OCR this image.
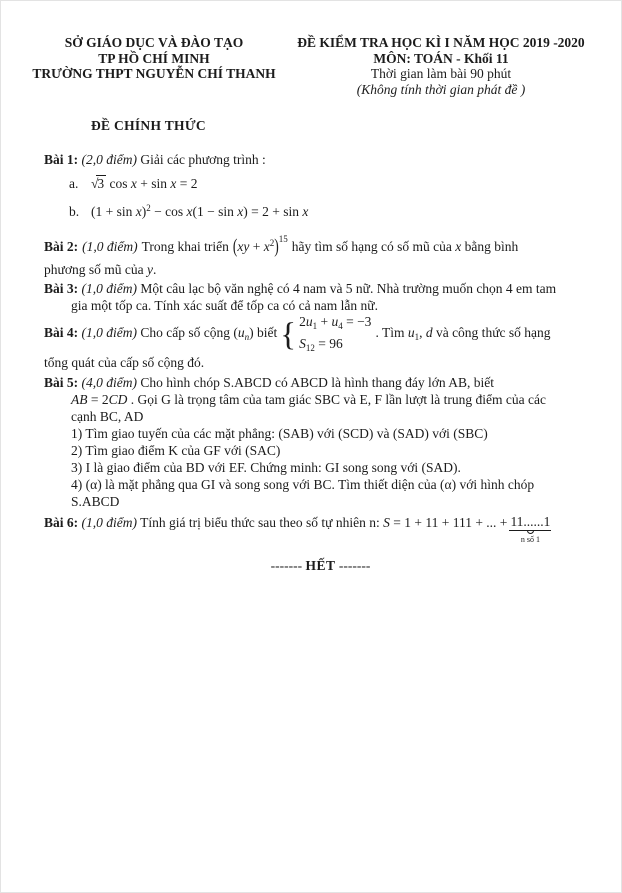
SỞ GIÁO DỤC VÀ ĐÀO TẠO
TP HỒ CHÍ MINH
TRƯỜNG THPT NGUYỄN CHÍ THANH
ĐỀ KIỂM TRA HỌC KÌ I NĂM HỌC 2019 -2020
MÔN: TOÁN - Khối 11
Thời gian làm bài 90 phút
(Không tính thời gian phát đề )
ĐỀ CHÍNH THỨC
Bài 1: (2,0 điểm) Giải các phương trình :
a. √3 cos x + sin x = 2
b. $(1 + \sin x)^2 - \cos x(1 - \sin x) = 2 + \sin x$
Bài 2: (1,0 điểm) Trong khai triển $(xy + x^2)^{15}$ hãy tìm số hạng có số mũ của x bằng bình
phương số mũ của y.
Bài 3: (1,0 điểm) Một câu lạc bộ văn nghệ có 4 nam và 5 nữ. Nhà trường muốn chọn 4 em tam
gia một tốp ca. Tính xác suất để tốp ca có cả nam lẫn nữ.
Bài 4: (1,0 điểm) Cho cấp số cộng $(u_n)$ biết { $2u_1 + u_4 = -3$
$S_{12} = 96$
. Tìm $u_1$, d và công thức số hạng
tổng quát của cấp số cộng đó.
Bài 5: (4,0 điểm) Cho hình chóp S.ABCD có ABCD là hình thang đáy lớn AB, biết
AB = 2CD . Gọi G là trọng tâm của tam giác SBC và E, F lần lượt là trung điểm của các
cạnh BC, AD
1) Tìm giao tuyến của các mặt phẳng: (SAB) với (SCD) và (SAD) với (SBC)
2) Tìm giao điểm K của GF với (SAC)
3) I là giao điểm của BD với EF. Chứng minh: GI song song với (SAD).
4) (α) là mặt phẳng qua GI và song song với BC. Tìm thiết diện của (α) với hình chóp
S.ABCD
Bài 6: (1,0 điểm) Tính giá trị biểu thức sau theo số tự nhiên n: S = 1 + 11 + 111 + ... + 11......1
n số 1
------- HẾT -------
